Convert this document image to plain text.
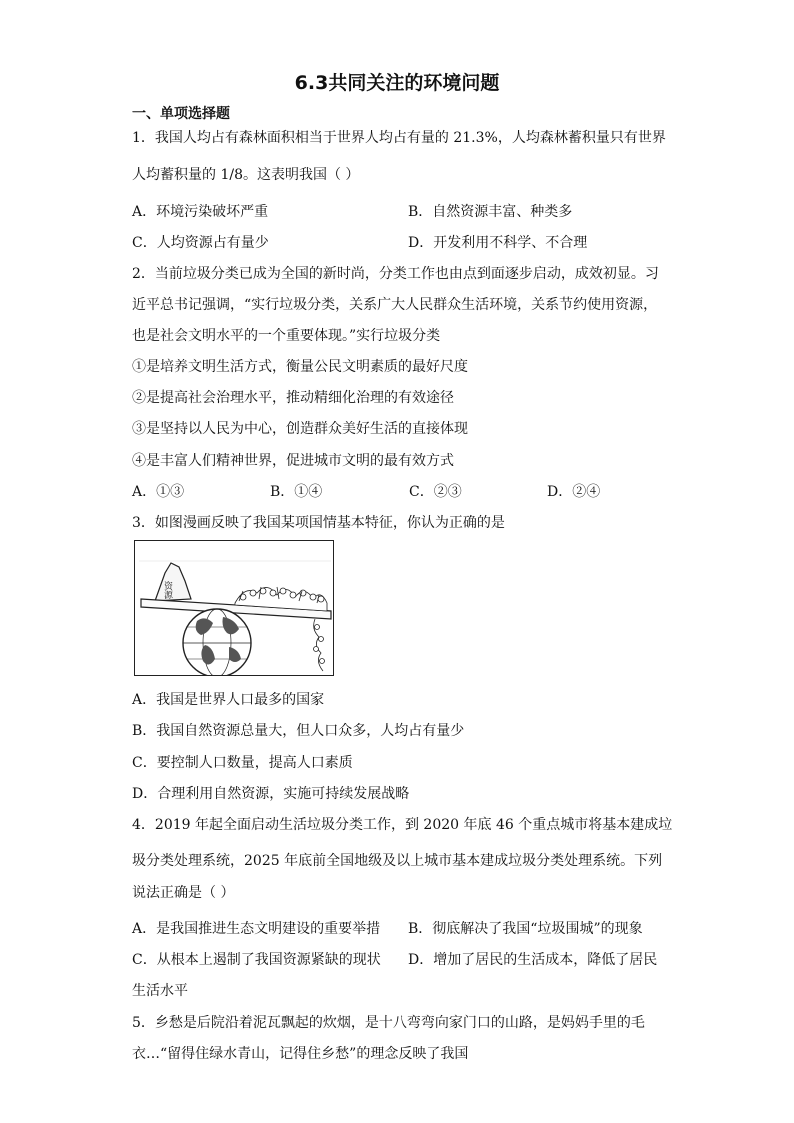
6.3共同关注的环境问题
一、单项选择题
1．我国人均占有森林面积相当于世界人均占有量的 21.3%，人均森林蓄积量只有世界
人均蓄积量的 1/8。这表明我国（ ）
A．环境污染破坏严重	B．自然资源丰富、种类多
C．人均资源占有量少	D．开发利用不科学、不合理
2．当前垃圾分类已成为全国的新时尚，分类工作也由点到面逐步启动，成效初显。习
近平总书记强调，“实行垃圾分类，关系广大人民群众生活环境，关系节约使用资源，
也是社会文明水平的一个重要体现。”实行垃圾分类
①是培养文明生活方式，衡量公民文明素质的最好尺度
②是提高社会治理水平，推动精细化治理的有效途径
③是坚持以人民为中心，创造群众美好生活的直接体现
④是丰富人们精神世界，促进城市文明的最有效方式
A．①③	B．①④	C．②③	D．②④
3．如图漫画反映了我国某项国情基本特征，你认为正确的是
资源
A．我国是世界人口最多的国家
B．我国自然资源总量大，但人口众多，人均占有量少
C．要控制人口数量，提高人口素质
D．合理利用自然资源，实施可持续发展战略
4．2019 年起全面启动生活垃圾分类工作，到 2020 年底 46 个重点城市将基本建成垃
圾分类处理系统，2025 年底前全国地级及以上城市基本建成垃圾分类处理系统。下列
说法正确是（ ）
A．是我国推进生态文明建设的重要举措 B．彻底解决了我国“垃圾围城”的现象
C．从根本上遏制了我国资源紧缺的现状 D．增加了居民的生活成本，降低了居民
生活水平
5．乡愁是后院沿着泥瓦飘起的炊烟，是十八弯弯向家门口的山路，是妈妈手里的毛
衣…“留得住绿水青山，记得住乡愁”的理念反映了我国
